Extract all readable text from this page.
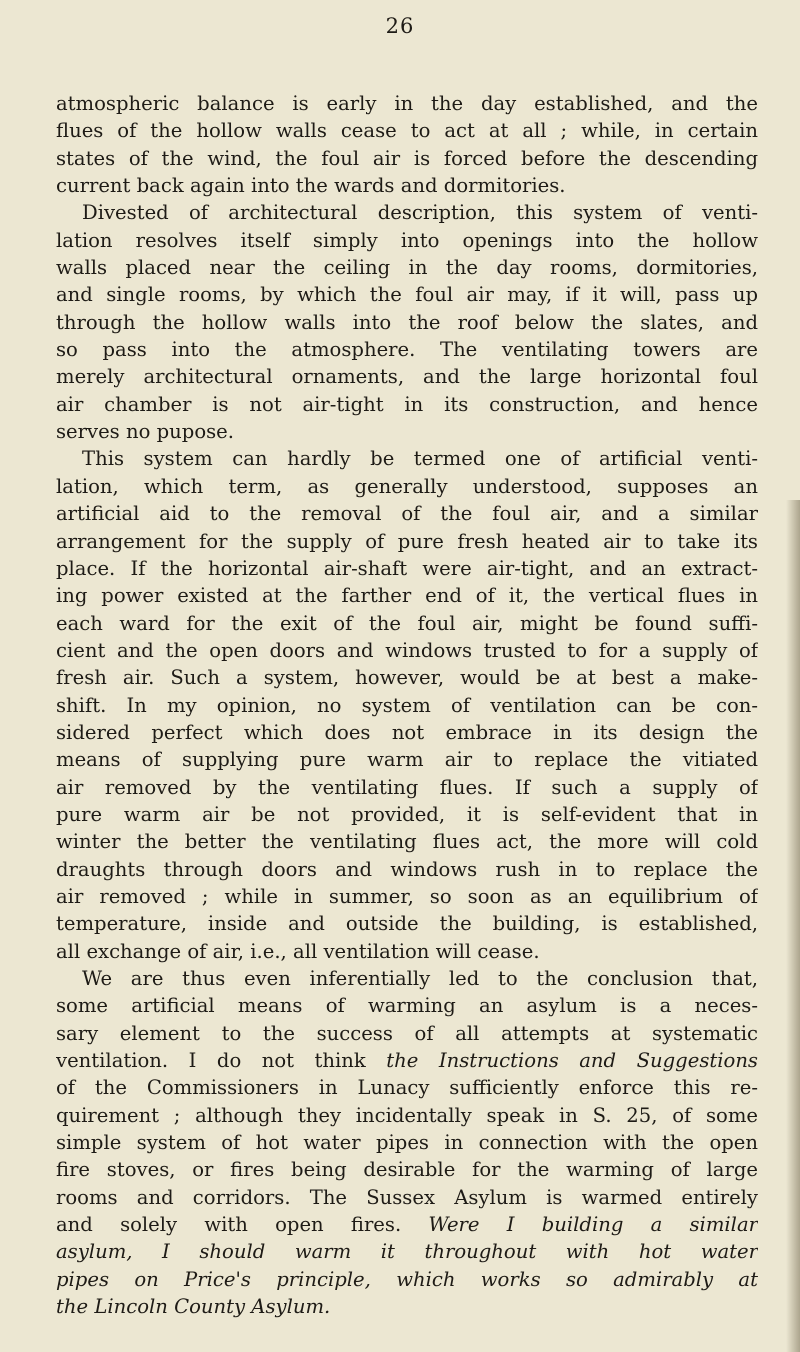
26
atmospheric balance is early in the day established, and the
flues of the hollow walls cease to act at all ; while, in certain
states of the wind, the foul air is forced before the descending
current back again into the wards and dormitories.
Divested of architectural description, this system of venti-
lation resolves itself simply into openings into the hollow
walls placed near the ceiling in the day rooms, dormitories,
and single rooms, by which the foul air may, if it will, pass up
through the hollow walls into the roof below the slates, and
so pass into the atmosphere. The ventilating towers are
merely architectural ornaments, and the large horizontal foul
air chamber is not air-tight in its construction, and hence
serves no pupose.
This system can hardly be termed one of artificial venti-
lation, which term, as generally understood, supposes an
artificial aid to the removal of the foul air, and a similar
arrangement for the supply of pure fresh heated air to take its
place. If the horizontal air-shaft were air-tight, and an extract-
ing power existed at the farther end of it, the vertical flues in
each ward for the exit of the foul air, might be found suffi-
cient and the open doors and windows trusted to for a supply of
fresh air. Such a system, however, would be at best a make-
shift. In my opinion, no system of ventilation can be con-
sidered perfect which does not embrace in its design the
means of supplying pure warm air to replace the vitiated
air removed by the ventilating flues. If such a supply of
pure warm air be not provided, it is self-evident that in
winter the better the ventilating flues act, the more will cold
draughts through doors and windows rush in to replace the
air removed ; while in summer, so soon as an equilibrium of
temperature, inside and outside the building, is established,
all exchange of air, i.e., all ventilation will cease.
We are thus even inferentially led to the conclusion that,
some artificial means of warming an asylum is a neces-
sary element to the success of all attempts at systematic
ventilation. I do not think the Instructions and Suggestions
of the Commissioners in Lunacy sufficiently enforce this re-
quirement ; although they incidentally speak in S. 25, of some
simple system of hot water pipes in connection with the open
fire stoves, or fires being desirable for the warming of large
rooms and corridors. The Sussex Asylum is warmed entirely
and solely with open fires. Were I building a similar
asylum, I should warm it throughout with hot water
pipes on Price's principle, which works so admirably at
the Lincoln County Asylum.
